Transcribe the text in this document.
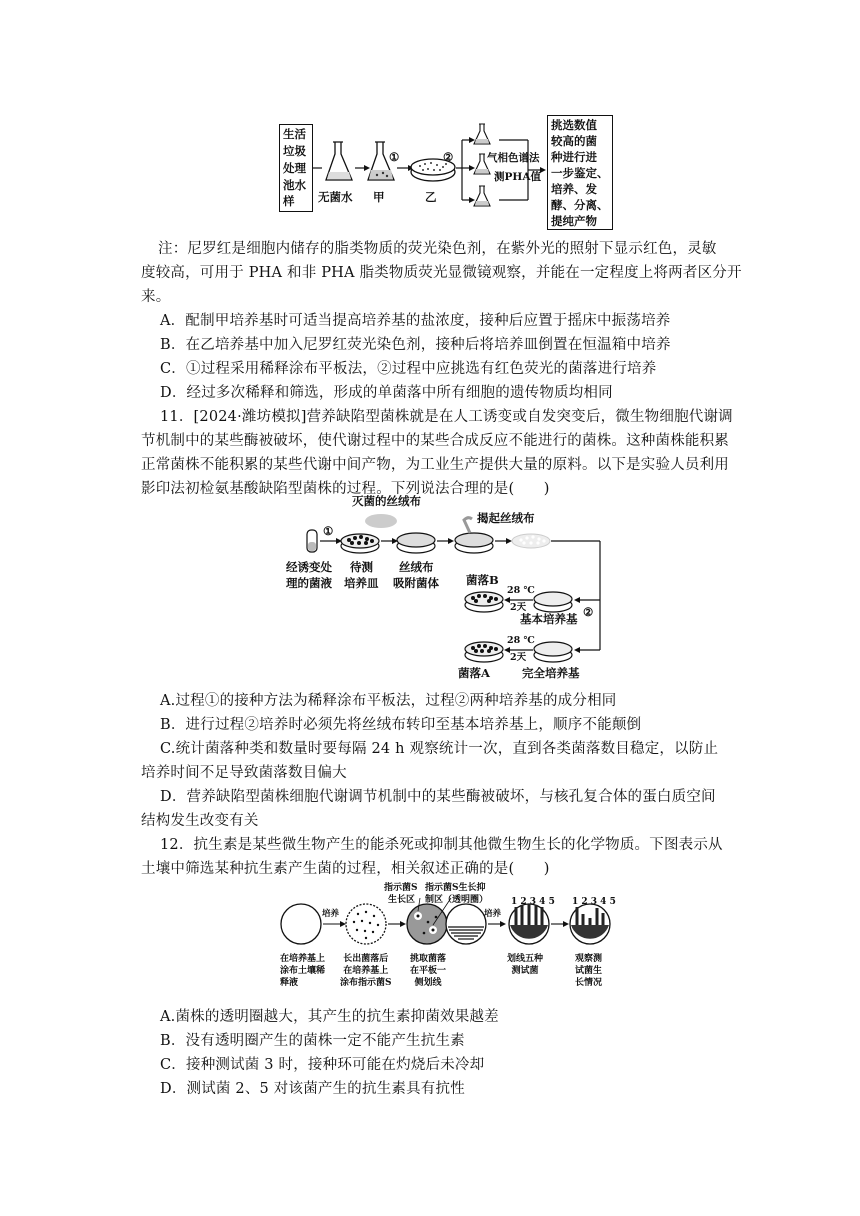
生活
垃圾
处理
池水
样	无菌水 甲	乙
①	②	气相色谱法
测PHA值
挑选数值
较高的菌
种进行进
一步鉴定、
培养、发
酵、分离、
提纯产物
注：尼罗红是细胞内储存的脂类物质的荧光染色剂，在紫外光的照射下显示红色，灵敏
度较高，可用于 PHA 和非 PHA 脂类物质荧光显微镜观察，并能在一定程度上将两者区分开
来。
A．配制甲培养基时可适当提高培养基的盐浓度，接种后应置于摇床中振荡培养
B．在乙培养基中加入尼罗红荧光染色剂，接种后将培养皿倒置在恒温箱中培养
C．①过程采用稀释涂布平板法，②过程中应挑选有红色荧光的菌落进行培养
D．经过多次稀释和筛选，形成的单菌落中所有细胞的遗传物质均相同
11．[2024·潍坊模拟]营养缺陷型菌株就是在人工诱变或自发突变后，微生物细胞代谢调
节机制中的某些酶被破坏，使代谢过程中的某些合成反应不能进行的菌株。这种菌株能积累
正常菌株不能积累的某些代谢中间产物，为工业生产提供大量的原料。以下是实验人员利用
影印法初检氨基酸缺陷型菌株的过程。下列说法合理的是(　　)
灭菌的丝绒布
揭起丝绒布
①
②
经诱变处
理的菌液
待测
培养皿
丝绒布
吸附菌体 菌落B
28 ℃
2天
基本培养基
28 ℃
2天
菌落A	完全培养基
A.过程①的接种方法为稀释涂布平板法，过程②两种培养基的成分相同
B．进行过程②培养时必须先将丝绒布转印至基本培养基上，顺序不能颠倒
C.统计菌落种类和数量时要每隔 24 h 观察统计一次，直到各类菌落数目稳定，以防止
培养时间不足导致菌落数目偏大
D．营养缺陷型菌株细胞代谢调节机制中的某些酶被破坏，与核孔复合体的蛋白质空间
结构发生改变有关
12．抗生素是某些微生物产生的能杀死或抑制其他微生物生长的化学物质。下图表示从
土壤中筛选某种抗生素产生菌的过程，相关叙述正确的是(　　)
培养	培养
指示菌S
生长区
指示菌S生长抑
制区（透明圈）	1 2 3 4 5 1 2 3 4 5
在培养基上
涂布土壤稀
释液
长出菌落后
在培养基上
涂布指示菌S
挑取菌落
在平板一
侧划线
划线五种
测试菌
观察测
试菌生
长情况
A.菌株的透明圈越大，其产生的抗生素抑菌效果越差
B．没有透明圈产生的菌株一定不能产生抗生素
C．接种测试菌 3 时，接种环可能在灼烧后未冷却
D．测试菌 2、5 对该菌产生的抗生素具有抗性
